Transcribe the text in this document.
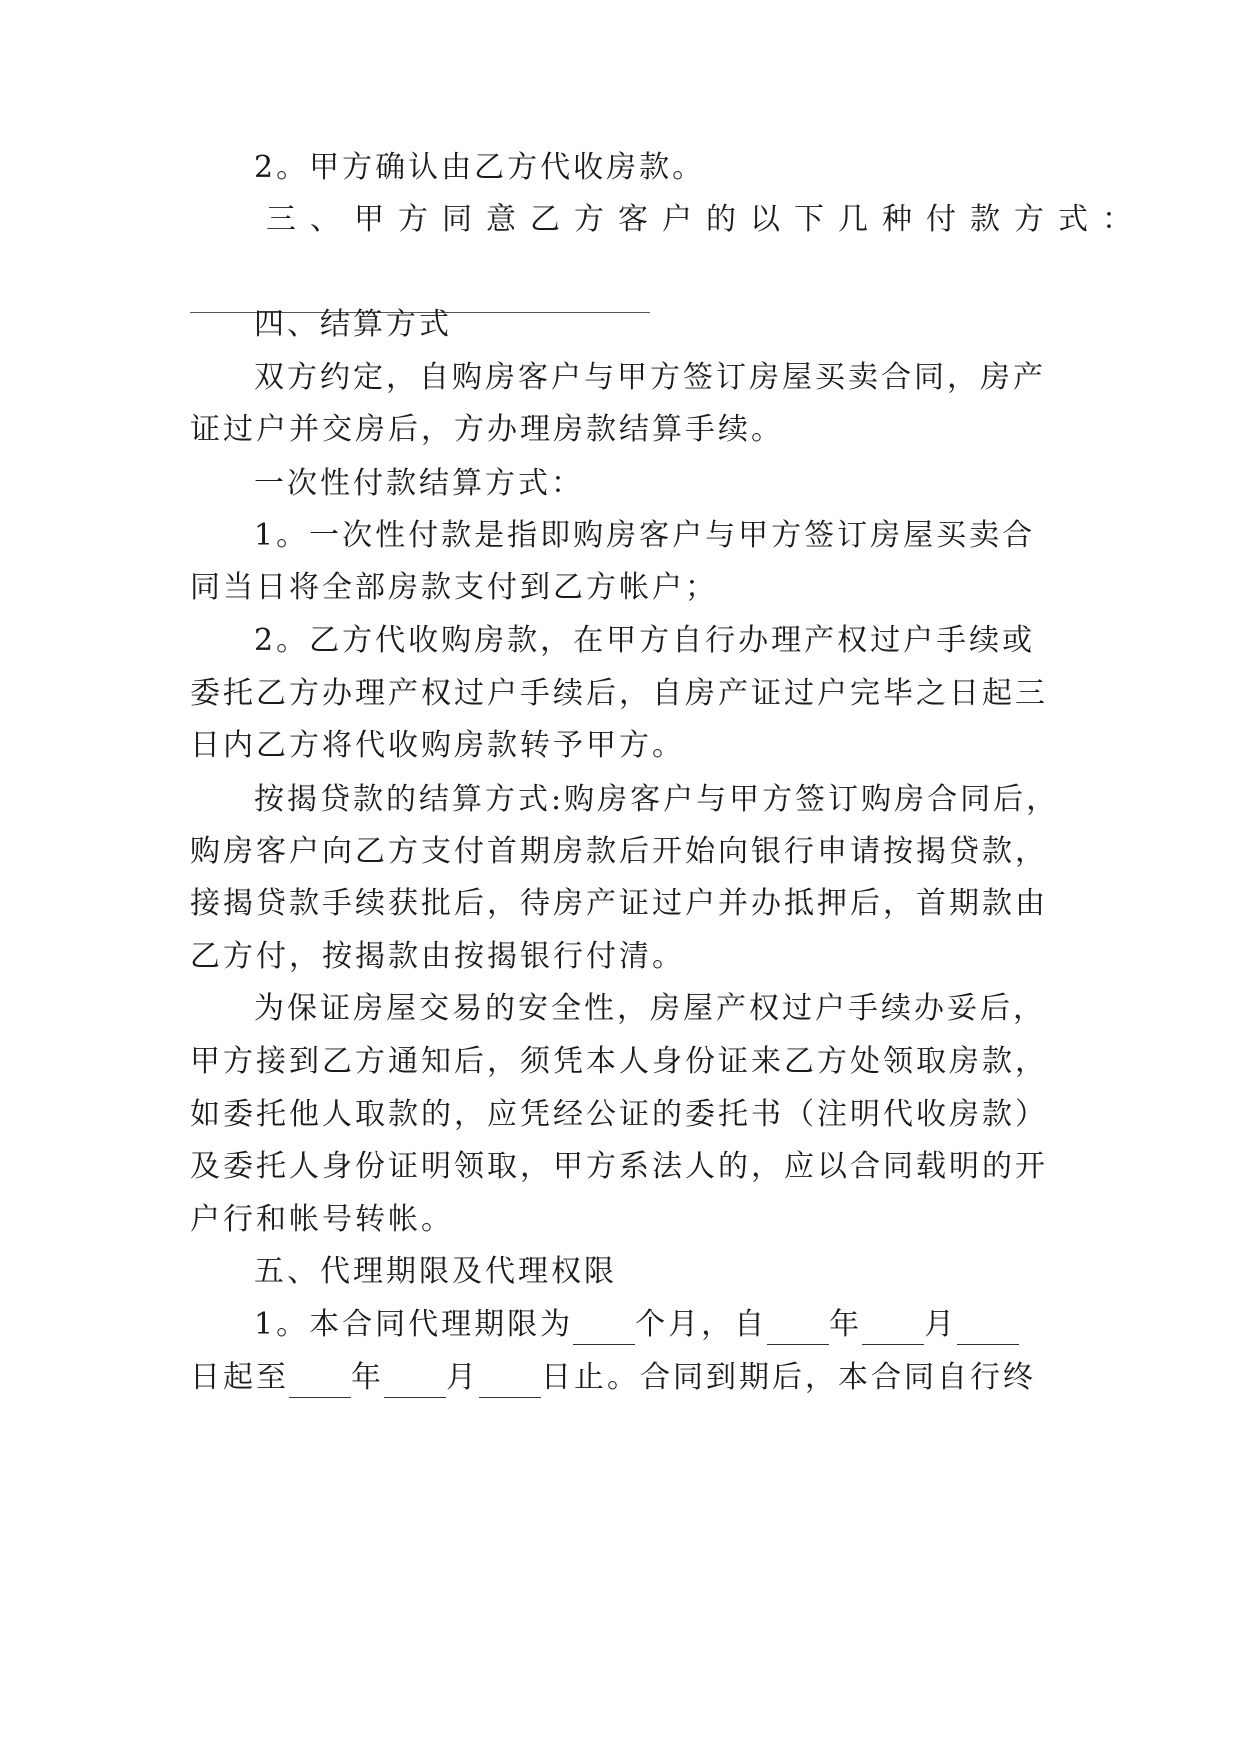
2。甲方确认由乙方代收房款。
三、甲方同意乙方客户的以下几种付款方式：
四、结算方式
双方约定，自购房客户与甲方签订房屋买卖合同，房产
证过户并交房后，方办理房款结算手续。
一次性付款结算方式：
1。一次性付款是指即购房客户与甲方签订房屋买卖合
同当日将全部房款支付到乙方帐户；
2。乙方代收购房款，在甲方自行办理产权过户手续或
委托乙方办理产权过户手续后，自房产证过户完毕之日起三
日内乙方将代收购房款转予甲方。
按揭贷款的结算方式:购房客户与甲方签订购房合同后，
购房客户向乙方支付首期房款后开始向银行申请按揭贷款，
接揭贷款手续获批后，待房产证过户并办抵押后，首期款由
乙方付，按揭款由按揭银行付清。
为保证房屋交易的安全性，房屋产权过户手续办妥后，
甲方接到乙方通知后，须凭本人身份证来乙方处领取房款，
如委托他人取款的，应凭经公证的委托书（注明代收房款）
及委托人身份证明领取，甲方系法人的，应以合同载明的开
户行和帐号转帐。
五、代理期限及代理权限
1。本合同代理期限为 个月，自 年 月
日起至 年 月 日止。合同到期后，本合同自行终
